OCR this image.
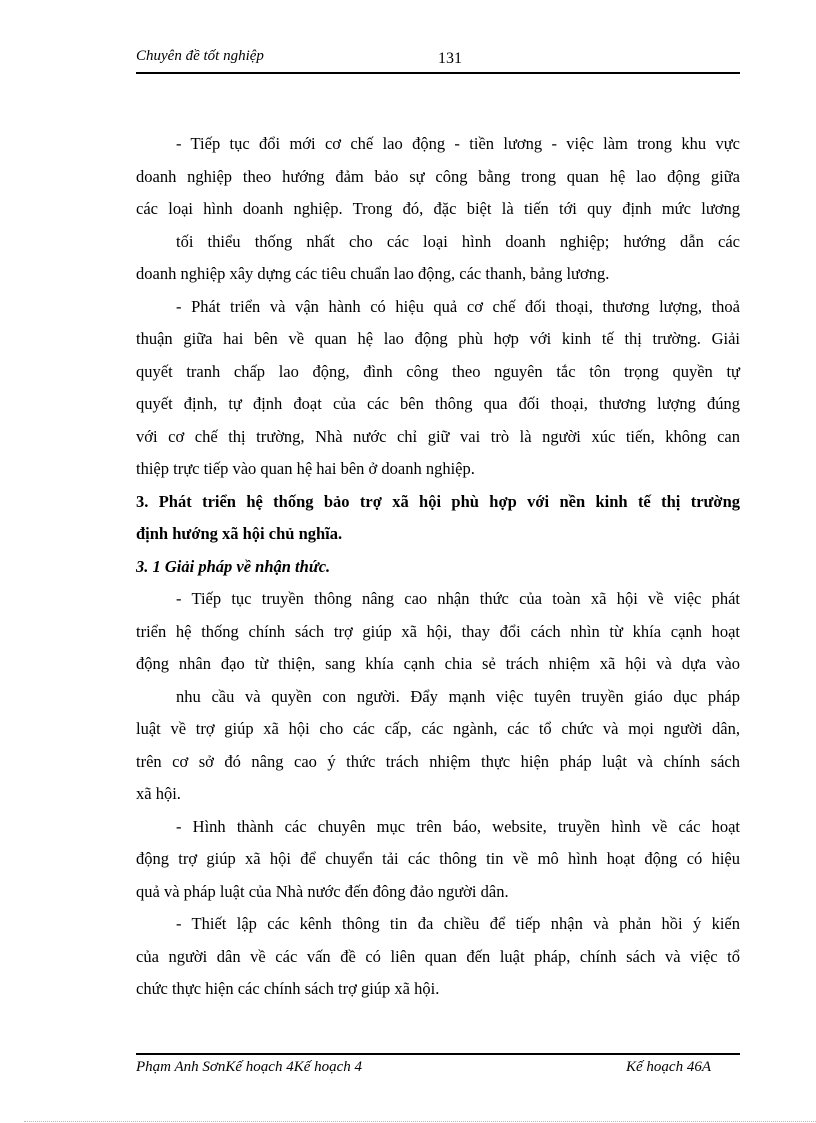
Chuyên đề tốt nghiệp	131
- Tiếp tục đổi mới cơ chế lao động - tiền lương - việc làm trong khu vực
doanh nghiệp theo hướng đảm bảo sự công bằng trong quan hệ lao động giữa
các loại hình doanh nghiệp. Trong đó, đặc biệt là tiến tới quy định mức lương
tối thiểu thống nhất cho các loại hình doanh nghiệp; hướng dẫn các
doanh nghiệp xây dựng các tiêu chuẩn lao động, các thanh, bảng lương.
- Phát triển và vận hành có hiệu quả cơ chế đối thoại, thương lượng, thoả
thuận giữa hai bên về quan hệ lao động phù hợp với kinh tế thị trường. Giải
quyết tranh chấp lao động, đình công theo nguyên tắc tôn trọng quyền tự
quyết định, tự định đoạt của các bên thông qua đối thoại, thương lượng đúng
với cơ chế thị trường, Nhà nước chỉ giữ vai trò là người xúc tiến, không can
thiệp trực tiếp vào quan hệ hai bên ở doanh nghiệp.
3. Phát triển hệ thống bảo trợ xã hội phù hợp với nền kinh tế thị trường
định hướng xã hội chủ nghĩa.
3. 1 Giải pháp về nhận thức.
- Tiếp tục truyền thông nâng cao nhận thức của toàn xã hội về việc phát
triển hệ thống chính sách trợ giúp xã hội, thay đổi cách nhìn từ khía cạnh hoạt
động nhân đạo từ thiện, sang khía cạnh chia sẻ trách nhiệm xã hội và dựa vào
nhu cầu và quyền con người. Đẩy mạnh việc tuyên truyền giáo dục pháp
luật về trợ giúp xã hội cho các cấp, các ngành, các tổ chức và mọi người dân,
trên cơ sở đó nâng cao ý thức trách nhiệm thực hiện pháp luật và chính sách
xã hội.
- Hình thành các chuyên mục trên báo, website, truyền hình về các hoạt
động trợ giúp xã hội để chuyển tải các thông tin về mô hình hoạt động có hiệu
quả và pháp luật của Nhà nước đến đông đảo người dân.
- Thiết lập các kênh thông tin đa chiều để tiếp nhận và phản hồi ý kiến
của người dân về các vấn đề có liên quan đến luật pháp, chính sách và việc tổ
chức thực hiện các chính sách trợ giúp xã hội.
Phạm Anh SơnKế hoạch 4Kế hoạch 4	Kế hoạch 46A
